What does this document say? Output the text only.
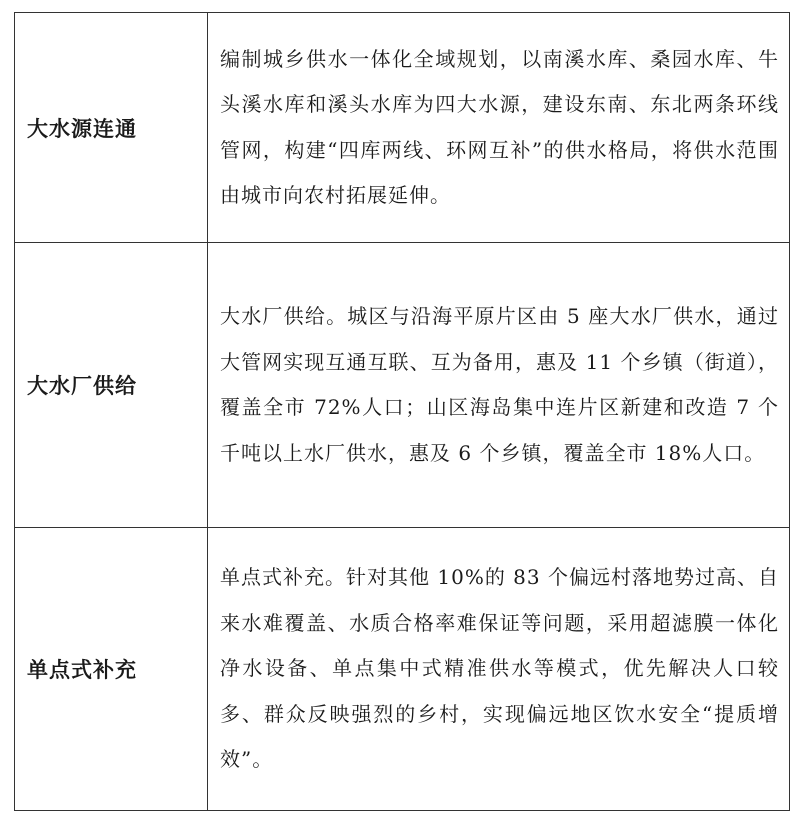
大水源连通	编制城乡供水一体化全域规划，以南溪水库、桑园水库、牛头溪水库和溪头水库为四大水源，建设东南、东北两条环线管网，构建“四库两线、环网互补”的供水格局，将供水范围由城市向农村拓展延伸。
大水厂供给	大水厂供给。城区与沿海平原片区由 5 座大水厂供水，通过大管网实现互通互联、互为备用，惠及 11 个乡镇（街道），覆盖全市 72%人口；山区海岛集中连片区新建和改造 7 个千吨以上水厂供水，惠及 6 个乡镇，覆盖全市 18%人口。
单点式补充	单点式补充。针对其他 10%的 83 个偏远村落地势过高、自来水难覆盖、水质合格率难保证等问题，采用超滤膜一体化净水设备、单点集中式精准供水等模式，优先解决人口较多、群众反映强烈的乡村，实现偏远地区饮水安全“提质增效”。
